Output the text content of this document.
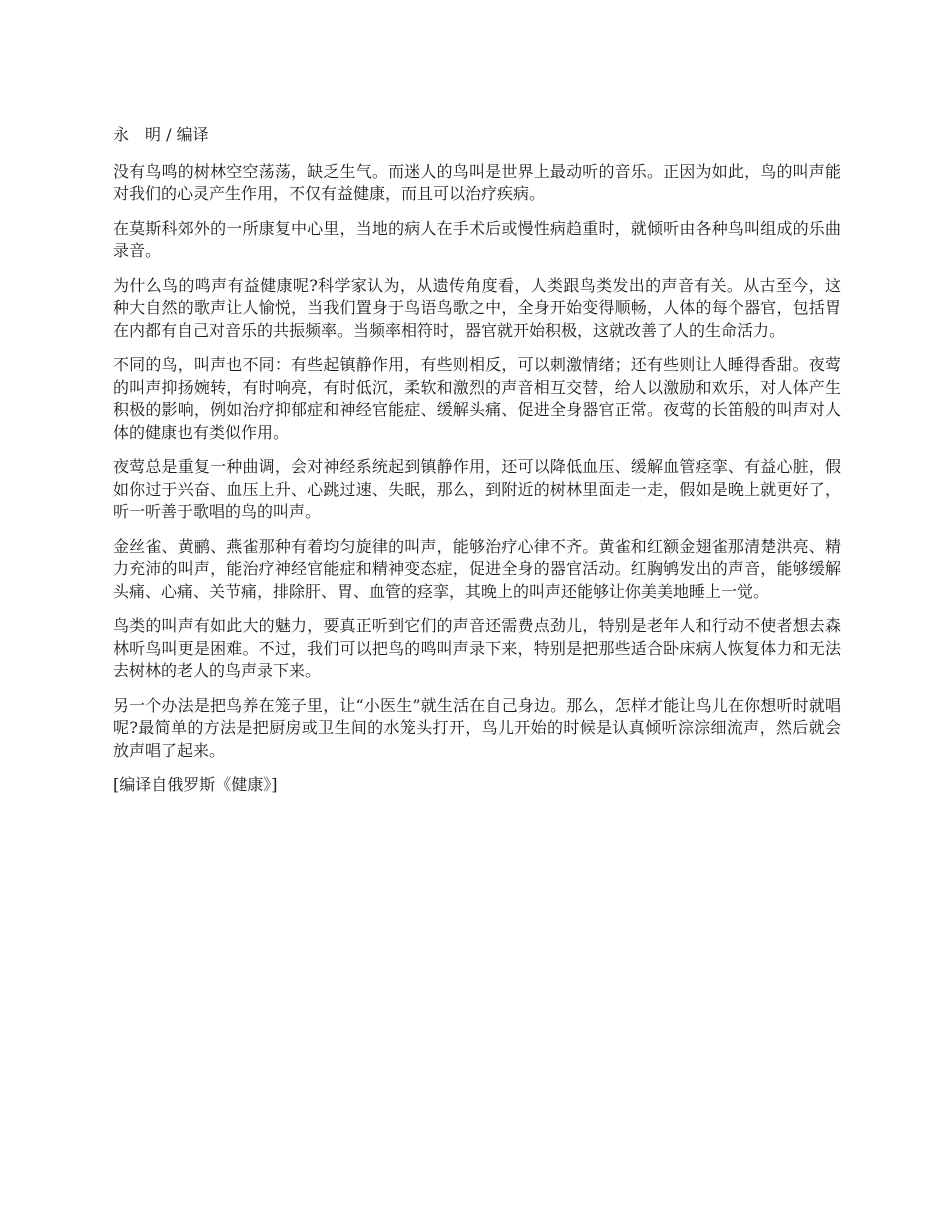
永　明 / 编译

没有鸟鸣的树林空空荡荡，缺乏生气。而迷人的鸟叫是世界上最动听的音乐。正因为如此，鸟的叫声能对我们的心灵产生作用，不仅有益健康，而且可以治疗疾病。

在莫斯科郊外的一所康复中心里，当地的病人在手术后或慢性病趋重时，就倾听由各种鸟叫组成的乐曲录音。

为什么鸟的鸣声有益健康呢?科学家认为，从遗传角度看，人类跟鸟类发出的声音有关。从古至今，这种大自然的歌声让人愉悦，当我们置身于鸟语鸟歌之中，全身开始变得顺畅，人体的每个器官，包括胃在内都有自己对音乐的共振频率。当频率相符时，器官就开始积极，这就改善了人的生命活力。

不同的鸟，叫声也不同：有些起镇静作用，有些则相反，可以刺激情绪；还有些则让人睡得香甜。夜莺的叫声抑扬婉转，有时响亮，有时低沉，柔软和激烈的声音相互交替，给人以激励和欢乐，对人体产生积极的影响，例如治疗抑郁症和神经官能症、缓解头痛、促进全身器官正常。夜莺的长笛般的叫声对人体的健康也有类似作用。

夜莺总是重复一种曲调，会对神经系统起到镇静作用，还可以降低血压、缓解血管痉挛、有益心脏，假如你过于兴奋、血压上升、心跳过速、失眠，那么，到附近的树林里面走一走，假如是晚上就更好了，听一听善于歌唱的鸟的叫声。

金丝雀、黄鹂、燕雀那种有着均匀旋律的叫声，能够治疗心律不齐。黄雀和红额金翅雀那清楚洪亮、精力充沛的叫声，能治疗神经官能症和精神变态症，促进全身的器官活动。红胸鸲发出的声音，能够缓解头痛、心痛、关节痛，排除肝、胃、血管的痉挛，其晚上的叫声还能够让你美美地睡上一觉。

鸟类的叫声有如此大的魅力，要真正听到它们的声音还需费点劲儿，特别是老年人和行动不使者想去森林听鸟叫更是困难。不过，我们可以把鸟的鸣叫声录下来，特别是把那些适合卧床病人恢复体力和无法去树林的老人的鸟声录下来。

另一个办法是把鸟养在笼子里，让“小医生”就生活在自己身边。那么，怎样才能让鸟儿在你想听时就唱呢?最简单的方法是把厨房或卫生间的水笼头打开，鸟儿开始的时候是认真倾听淙淙细流声，然后就会放声唱了起来。

[编译自俄罗斯《健康》]
